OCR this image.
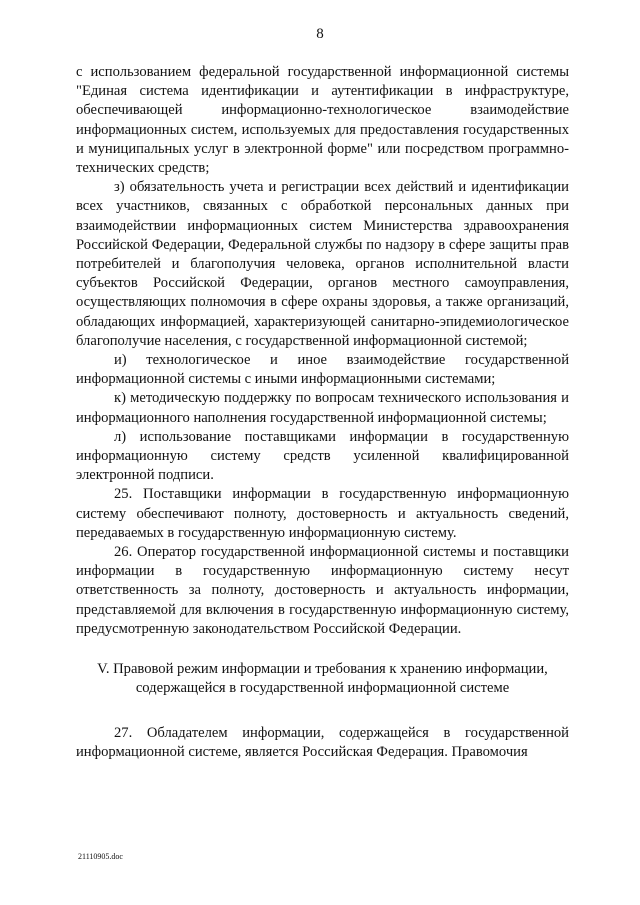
8

с использованием федеральной государственной информационной системы "Единая система идентификации и аутентификации в инфраструктуре, обеспечивающей информационно-технологическое взаимодействие информационных систем, используемых для предоставления государственных и муниципальных услуг в электронной форме" или посредством программно-технических средств;

з) обязательность учета и регистрации всех действий и идентификации всех участников, связанных с обработкой персональных данных при взаимодействии информационных систем Министерства здравоохранения Российской Федерации, Федеральной службы по надзору в сфере защиты прав потребителей и благополучия человека, органов исполнительной власти субъектов Российской Федерации, органов местного самоуправления, осуществляющих полномочия в сфере охраны здоровья, а также организаций, обладающих информацией, характеризующей санитарно-эпидемиологическое благополучие населения, с государственной информационной системой;

и) технологическое и иное взаимодействие государственной информационной системы с иными информационными системами;

к) методическую поддержку по вопросам технического использования и информационного наполнения государственной информационной системы;

л) использование поставщиками информации в государственную информационную систему средств усиленной квалифицированной электронной подписи.

25. Поставщики информации в государственную информационную систему обеспечивают полноту, достоверность и актуальность сведений, передаваемых в государственную информационную систему.

26. Оператор государственной информационной системы и поставщики информации в государственную информационную систему несут ответственность за полноту, достоверность и актуальность информации, представляемой для включения в государственную информационную систему, предусмотренную законодательством Российской Федерации.

V. Правовой режим информации и требования к хранению информации,
содержащейся в государственной информационной системе

27. Обладателем информации, содержащейся в государственной информационной системе, является Российская Федерация. Правомочия

21110905.doc
